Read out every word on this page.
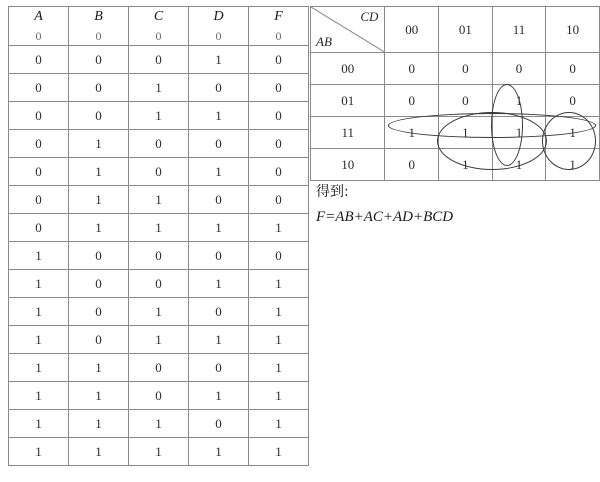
A	B	C	D	F
0	0	0	0	0
0	0	0	1	0
0	0	1	0	0
0	0	1	1	0
0	1	0	0	0
0	1	0	1	0
0	1	1	0	0
0	1	1	1	1
1	0	0	0	0
1	0	0	1	1
1	0	1	0	1
1	0	1	1	1
1	1	0	0	1
1	1	0	1	1
1	1	1	0	1
1	1	1	1	1
CD
AB	00	01	11	10
00	0	0	0	0
01	0	0	1	0
11	1	1	1	1
10	0	1	1	1
得到:
F=AB+AC+AD+BCD
